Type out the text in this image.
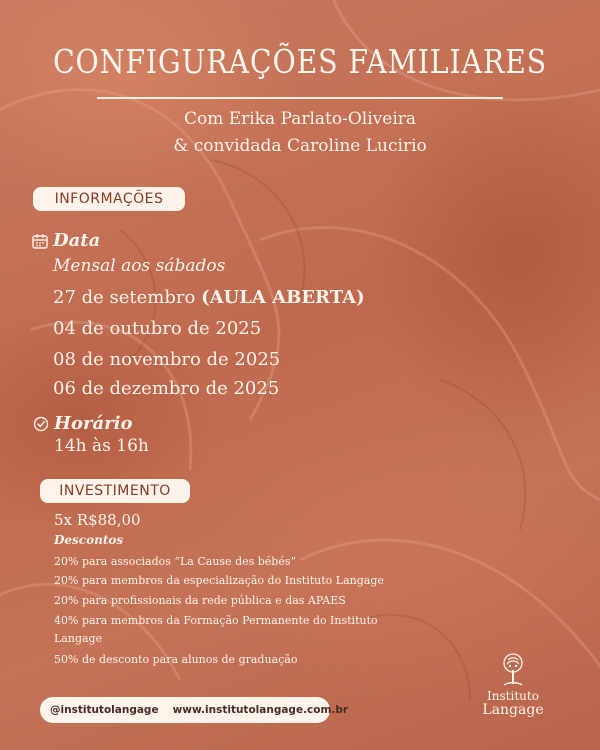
CONFIGURAÇÕES FAMILIARES
Com Erika Parlato-Oliveira
& convidada Caroline Lucirio
INFORMAÇÕES
Data
Mensal aos sábados
27 de setembro (AULA ABERTA)
04 de outubro de 2025
08 de novembro de 2025
06 de dezembro de 2025
Horário
14h às 16h
INVESTIMENTO
5x R$88,00
Descontos
20% para associados “La Cause des bébés”
20% para membros da especialização do Instituto Langage
20% para profissionais da rede pública e das APAES
40% para membros da Formação Permanente do Instituto
Langage
50% de desconto para alunos de graduação
@institutolangage www.institutolangage.com.br
Instituto
Langage
